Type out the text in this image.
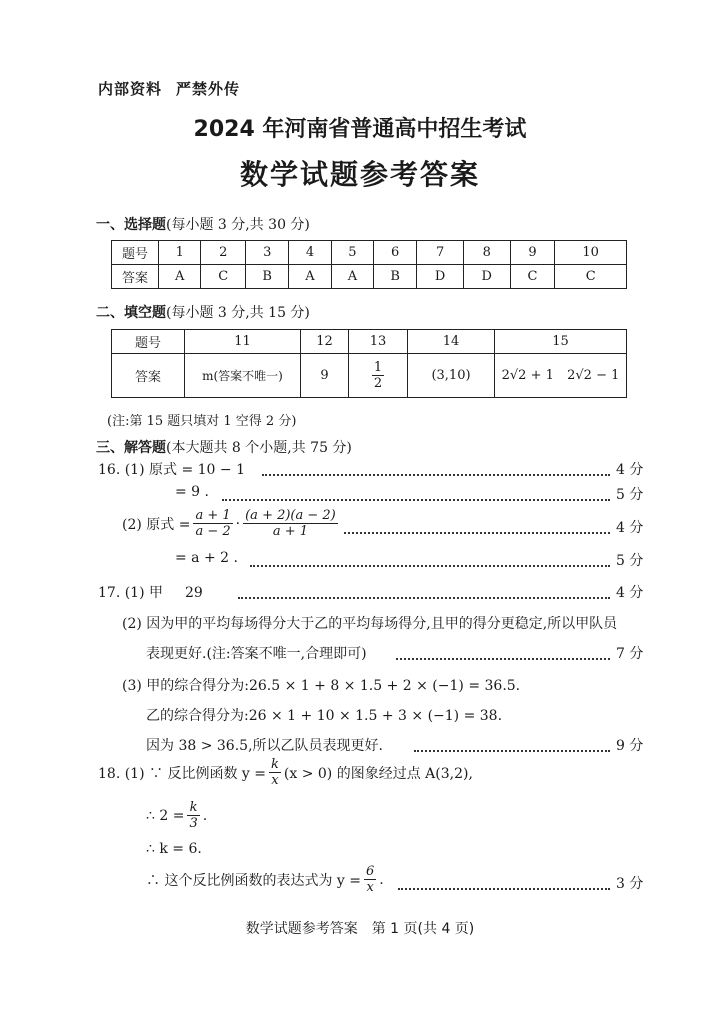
内部资料 严禁外传
2024 年河南省普通高中招生考试
数学试题参考答案
一、选择题(每小题 3 分,共 30 分)
题号	1	2	3	4	5	6	7	8	9	10
答案	A	C	B	A	A	B	D	D	C	C
二、填空题(每小题 3 分,共 15 分)
题号	11	12	13	14	15	
答案	m(答案不唯一)	9	$\frac{1}{2}$	(3,10)	2√2 + 1	2√2 − 1
(注:第 15 题只填对 1 空得 2 分)
三、解答题(本大题共 8 个小题,共 75 分)
16. (1) 原式 = 10 − 1	4 分
= 9 .	5 分
(2) 原式 = $\frac{a + 1}{a - 2} \cdot \frac{(a + 2)(a - 2)}{a + 1}$	4 分
= a + 2 .	5 分
17. (1) 甲 29	4 分
(2) 因为甲的平均每场得分大于乙的平均每场得分,且甲的得分更稳定,所以甲队员
表现更好.(注:答案不唯一,合理即可)	7 分
(3) 甲的综合得分为:26.5 × 1 + 8 × 1.5 + 2 × (−1) = 36.5.
乙的综合得分为:26 × 1 + 10 × 1.5 + 3 × (−1) = 38.
因为 38 > 36.5,所以乙队员表现更好.	9 分
18. (1) ∵ 反比例函数 $y = \frac{k}{x} (x > 0)$ 的图象经过点 A(3,2),
∴ $2 = \frac{k}{3}$ .
∴ k = 6.
∴ 这个反比例函数的表达式为 $y = \frac{6}{x}$ .	3 分
数学试题参考答案　第 1 页(共 4 页)
